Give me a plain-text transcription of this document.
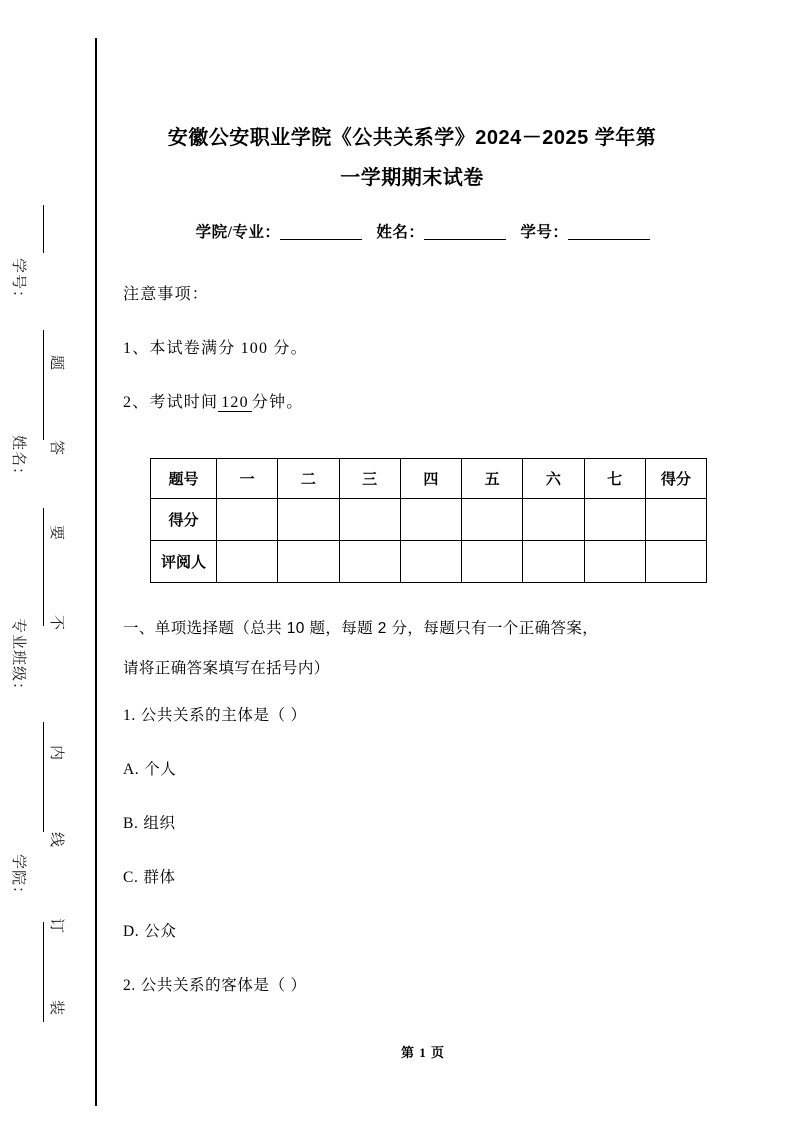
学号：
姓名：
专业班级：
学院：
题
答
要
不
内
线
订
装
安徽公安职业学院《公共关系学》2024－2025 学年第
一学期期末试卷
学院/专业：	姓名：	学号：

注意事项：

1、本试卷满分 100 分。

2、考试时间 120 分钟。

题号	一	二	三	四	五	六	七	得分
得分								
评阅人								
一、单项选择题（总共 10 题，每题 2 分，每题只有一个正确答案，
请将正确答案填写在括号内）

1. 公共关系的主体是（ ）

A. 个人

B. 组织

C. 群体

D. 公众

2. 公共关系的客体是（ ）

第 1 页
